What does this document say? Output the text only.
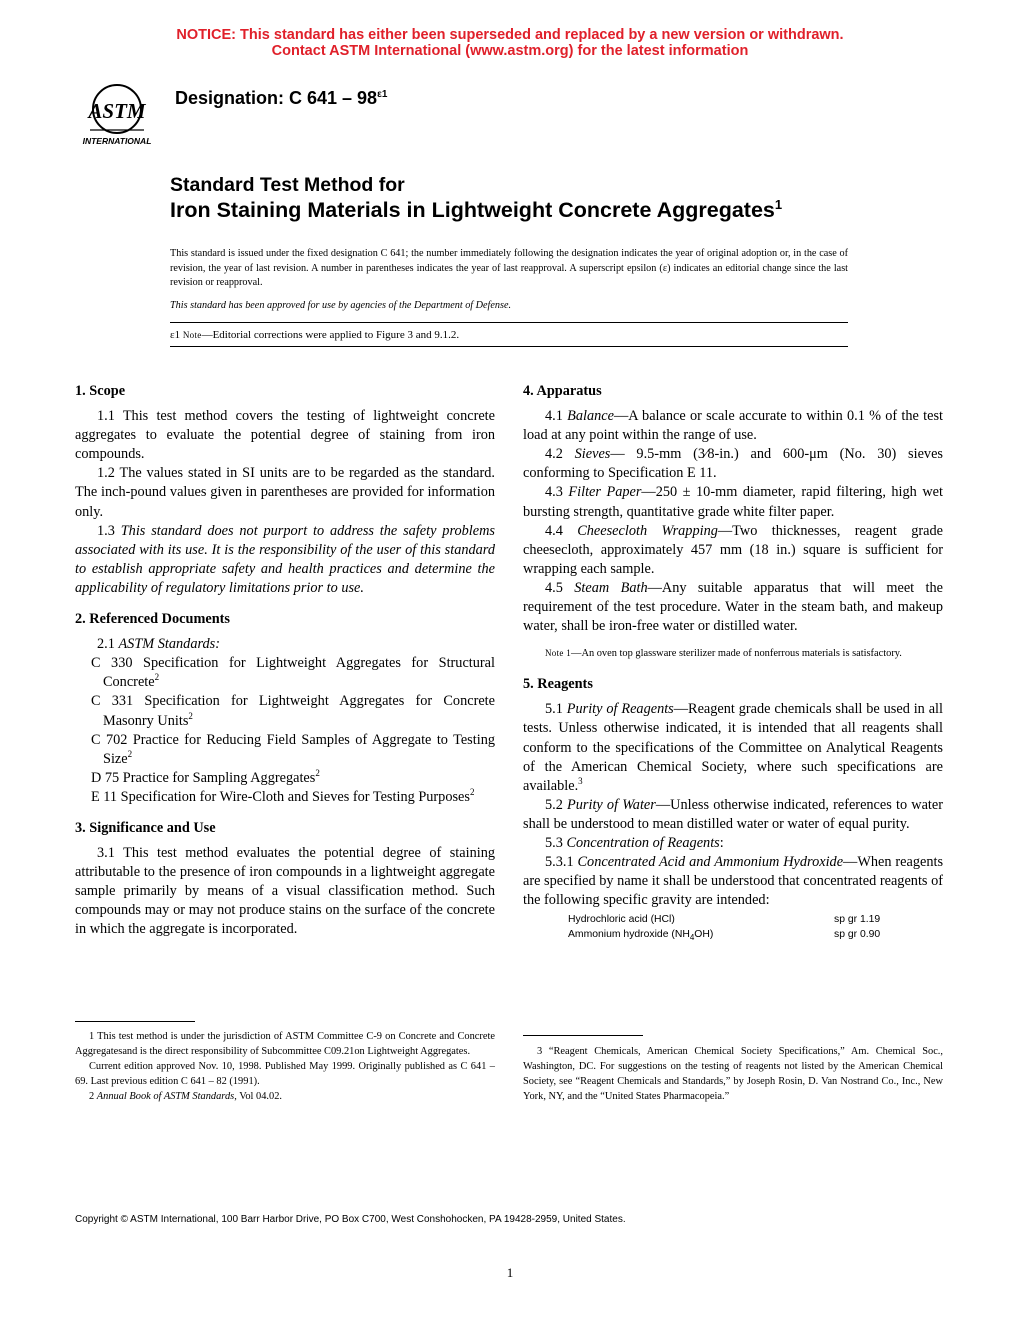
NOTICE: This standard has either been superseded and replaced by a new version or withdrawn.
Contact ASTM International (www.astm.org) for the latest information
ASTM
INTERNATIONAL
Designation: C $641 - 98^{\varepsilon 1}$
Standard Test Method for
Iron Staining Materials in Lightweight Concrete Aggregates$^1$
This standard is issued under the fixed designation C 641; the number immediately following the designation indicates the year of original adoption or, in the case of revision, the year of last revision. A number in parentheses indicates the year of last reapproval. A superscript epsilon (ε) indicates an editorial change since the last revision or reapproval.
This standard has been approved for use by agencies of the Department of Defense.
ε1 Note—Editorial corrections were applied to Figure 3 and 9.1.2.
1. Scope

1.1 This test method covers the testing of lightweight concrete aggregates to evaluate the potential degree of staining from iron compounds.

1.2 The values stated in SI units are to be regarded as the standard. The inch-pound values given in parentheses are provided for information only.

1.3 This standard does not purport to address the safety problems associated with its use. It is the responsibility of the user of this standard to establish appropriate safety and health practices and determine the applicability of regulatory limitations prior to use.

2. Referenced Documents

2.1 ASTM Standards:

C 330 Specification for Lightweight Aggregates for Structural Concrete$^2$

C 331 Specification for Lightweight Aggregates for Concrete Masonry Units$^2$

C 702 Practice for Reducing Field Samples of Aggregate to Testing Size$^2$

D 75 Practice for Sampling Aggregates$^2$

E 11 Specification for Wire-Cloth and Sieves for Testing Purposes$^2$

3. Significance and Use

3.1 This test method evaluates the potential degree of staining attributable to the presence of iron compounds in a lightweight aggregate sample primarily by means of a visual classification method. Such compounds may or may not produce stains on the surface of the concrete in which the aggregate is incorporated.

4. Apparatus

4.1 Balance—A balance or scale accurate to within 0.1 % of the test load at any point within the range of use.

4.2 Sieves— 9.5-mm (3⁄8-in.) and 600-μm (No. 30) sieves conforming to Specification E 11.

4.3 Filter Paper—250 ± 10-mm diameter, rapid filtering, high wet bursting strength, quantitative grade white filter paper.

4.4 Cheesecloth Wrapping—Two thicknesses, reagent grade cheesecloth, approximately 457 mm (18 in.) square is sufficient for wrapping each sample.

4.5 Steam Bath—Any suitable apparatus that will meet the requirement of the test procedure. Water in the steam bath, and makeup water, shall be iron-free water or distilled water.

Note 1—An oven top glassware sterilizer made of nonferrous materials is satisfactory.

5. Reagents

5.1 Purity of Reagents—Reagent grade chemicals shall be used in all tests. Unless otherwise indicated, it is intended that all reagents shall conform to the specifications of the Committee on Analytical Reagents of the American Chemical Society, where such specifications are available.$^3$

5.2 Purity of Water—Unless otherwise indicated, references to water shall be understood to mean distilled water or water of equal purity.

5.3 Concentration of Reagents:

5.3.1 Concentrated Acid and Ammonium Hydroxide—When reagents are specified by name it shall be understood that concentrated reagents of the following specific gravity are intended:

Hydrochloric acid (HCl)	sp gr 1.19
Ammonium hydroxide $(NH_4OH)$	sp gr 0.90

1 This test method is under the jurisdiction of ASTM Committee C-9 on Concrete and Concrete Aggregatesand is the direct responsibility of Subcommittee C09.21on Lightweight Aggregates.

Current edition approved Nov. 10, 1998. Published May 1999. Originally published as C 641 – 69. Last previous edition C 641 – 82 (1991).

2 Annual Book of ASTM Standards, Vol 04.02.

3 “Reagent Chemicals, American Chemical Society Specifications,” Am. Chemical Soc., Washington, DC. For suggestions on the testing of reagents not listed by the American Chemical Society, see “Reagent Chemicals and Standards,” by Joseph Rosin, D. Van Nostrand Co., Inc., New York, NY, and the “United States Pharmacopeia.”

Copyright © ASTM International, 100 Barr Harbor Drive, PO Box C700, West Conshohocken, PA 19428-2959, United States.
1
